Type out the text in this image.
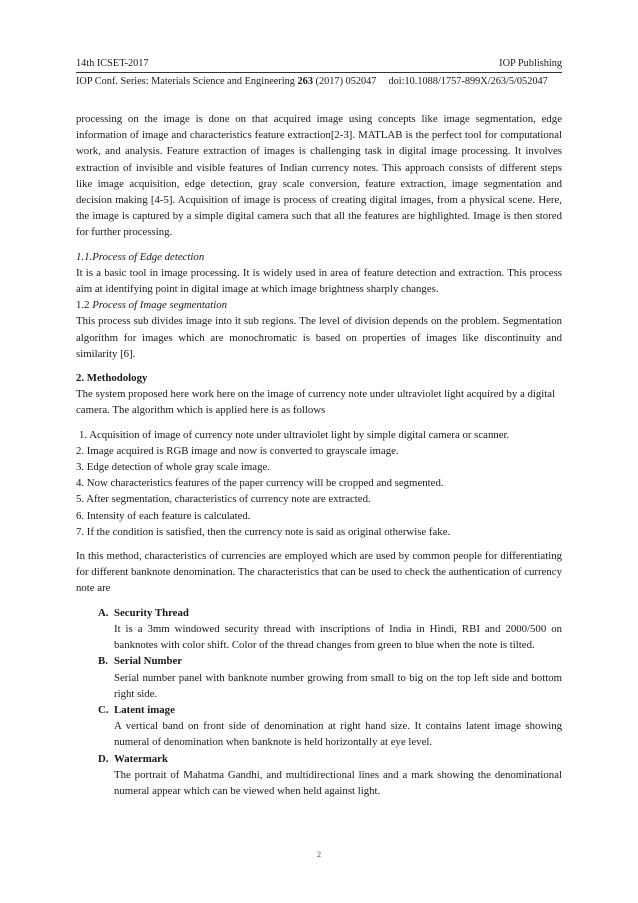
14th ICSET-2017	IOP Publishing
IOP Conf. Series: Materials Science and Engineering 263 (2017) 052047 doi:10.1088/1757-899X/263/5/052047

processing on the image is done on that acquired image using concepts like image segmentation, edge information of image and characteristics feature extraction[2-3]. MATLAB is the perfect tool for computational work, and analysis. Feature extraction of images is challenging task in digital image processing. It involves extraction of invisible and visible features of Indian currency notes. This approach consists of different steps like image acquisition, edge detection, gray scale conversion, feature extraction, image segmentation and decision making [4-5]. Acquisition of image is process of creating digital images, from a physical scene. Here, the image is captured by a simple digital camera such that all the features are highlighted. Image is then stored for further processing.

1.1.Process of Edge detection

It is a basic tool in image processing. It is widely used in area of feature detection and extraction. This process aim at identifying point in digital image at which image brightness sharply changes.

1.2 Process of Image segmentation

This process sub divides image into it sub regions. The level of division depends on the problem. Segmentation algorithm for images which are monochromatic is based on properties of images like discontinuity and similarity [6].

2. Methodology

The system proposed here work here on the image of currency note under ultraviolet light acquired by a digital camera. The algorithm which is applied here is as follows

1. Acquisition of image of currency note under ultraviolet light by simple digital camera or scanner.

2. Image acquired is RGB image and now is converted to grayscale image.

3. Edge detection of whole gray scale image.

4. Now characteristics features of the paper currency will be cropped and segmented.

5. After segmentation, characteristics of currency note are extracted.

6. Intensity of each feature is calculated.

7. If the condition is satisfied, then the currency note is said as original otherwise fake.

In this method, characteristics of currencies are employed which are used by common people for differentiating for different banknote denomination. The characteristics that can be used to check the authentication of currency note are

A. Security Thread
It is a 3mm windowed security thread with inscriptions of India in Hindi, RBI and 2000/500 on banknotes with color shift. Color of the thread changes from green to blue when the note is tilted.
B. Serial Number
Serial number panel with banknote number growing from small to big on the top left side and bottom right side.
C. Latent image
A vertical band on front side of denomination at right hand size. It contains latent image showing numeral of denomination when banknote is held horizontally at eye level.
D. Watermark
The portrait of Mahatma Gandhi, and multidirectional lines and a mark showing the denominational numeral appear which can be viewed when held against light.
2
